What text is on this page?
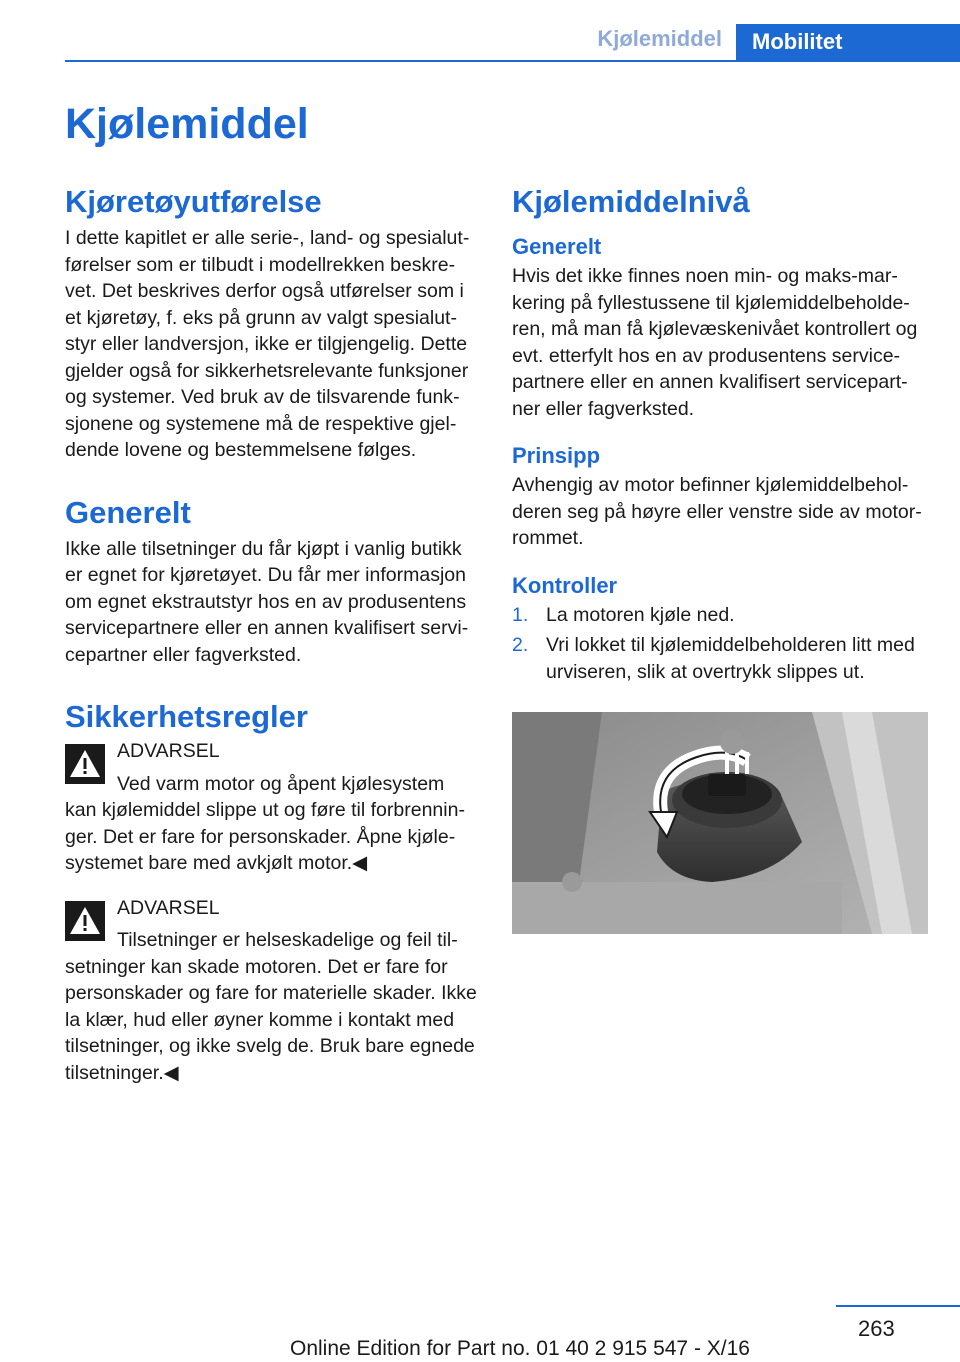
Kjølemiddel	Mobilitet
Kjølemiddel
Kjøretøyutførelse

I dette kapitlet er alle serie-, land- og spesialutførelser som er tilbudt i modellrekken beskrevet. Det beskrives derfor også utførelser som i et kjøretøy, f. eks på grunn av valgt spesialutstyr eller landversjon, ikke er tilgjengelig. Dette gjelder også for sikkerhetsrelevante funksjoner og systemer. Ved bruk av de tilsvarende funksjonene og systemene må de respektive gjeldende lovene og bestemmelsene følges.

Generelt

Ikke alle tilsetninger du får kjøpt i vanlig butikk er egnet for kjøretøyet. Du får mer informasjon om egnet ekstrautstyr hos en av produsentens servicepartnere eller en annen kvalifisert servicepartner eller fagverksted.

Sikkerhetsregler
ADVARSEL

Ved varm motor og åpent kjølesystem kan kjølemiddel slippe ut og føre til forbrenninger. Det er fare for personskader. Åpne kjølesystemet bare med avkjølt motor.◀

ADVARSEL

Tilsetninger er helseskadelige og feil tilsetninger kan skade motoren. Det er fare for personskader og fare for materielle skader. Ikke la klær, hud eller øyner komme i kontakt med tilsetninger, og ikke svelg de. Bruk bare egnede tilsetninger.◀

Kjølemiddelnivå
Generelt

Hvis det ikke finnes noen min- og maks-markering på fyllestussene til kjølemiddelbeholderen, må man få kjølevæskenivået kontrollert og evt. etterfylt hos en av produsentens servicepartnere eller en annen kvalifisert servicepartner eller fagverksted.

Prinsipp

Avhengig av motor befinner kjølemiddelbeholderen seg på høyre eller venstre side av motorrommet.

Kontroller
1. La motoren kjøle ned.
2. Vri lokket til kjølemiddelbeholderen litt med urviseren, slik at overtrykk slippes ut.
263
Online Edition for Part no. 01 40 2 915 547 - X/16
